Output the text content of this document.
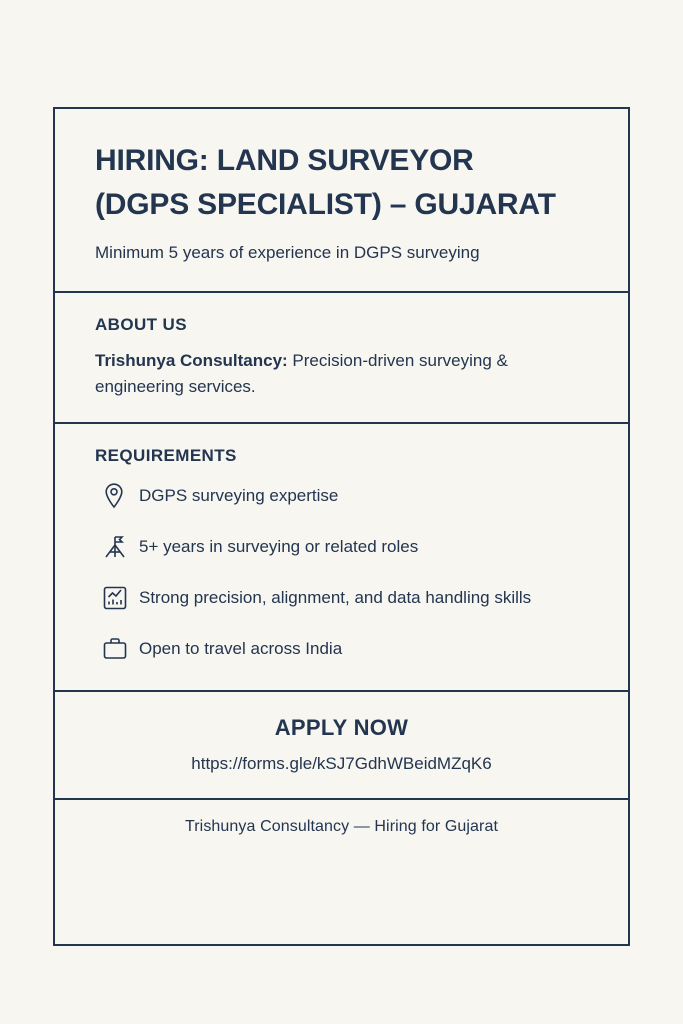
HIRING: LAND SURVEYOR
(DGPS SPECIALIST) – GUJARAT
Minimum 5 years of experience in DGPS surveying
ABOUT US
Trishunya Consultancy: Precision-driven surveying & engineering services.
REQUIREMENTS
DGPS surveying expertise
5+ years in surveying or related roles
Strong precision, alignment, and data handling skills
Open to travel across India
APPLY NOW
https://forms.gle/kSJ7GdhWBeidMZqK6
Trishunya Consultancy — Hiring for Gujarat
